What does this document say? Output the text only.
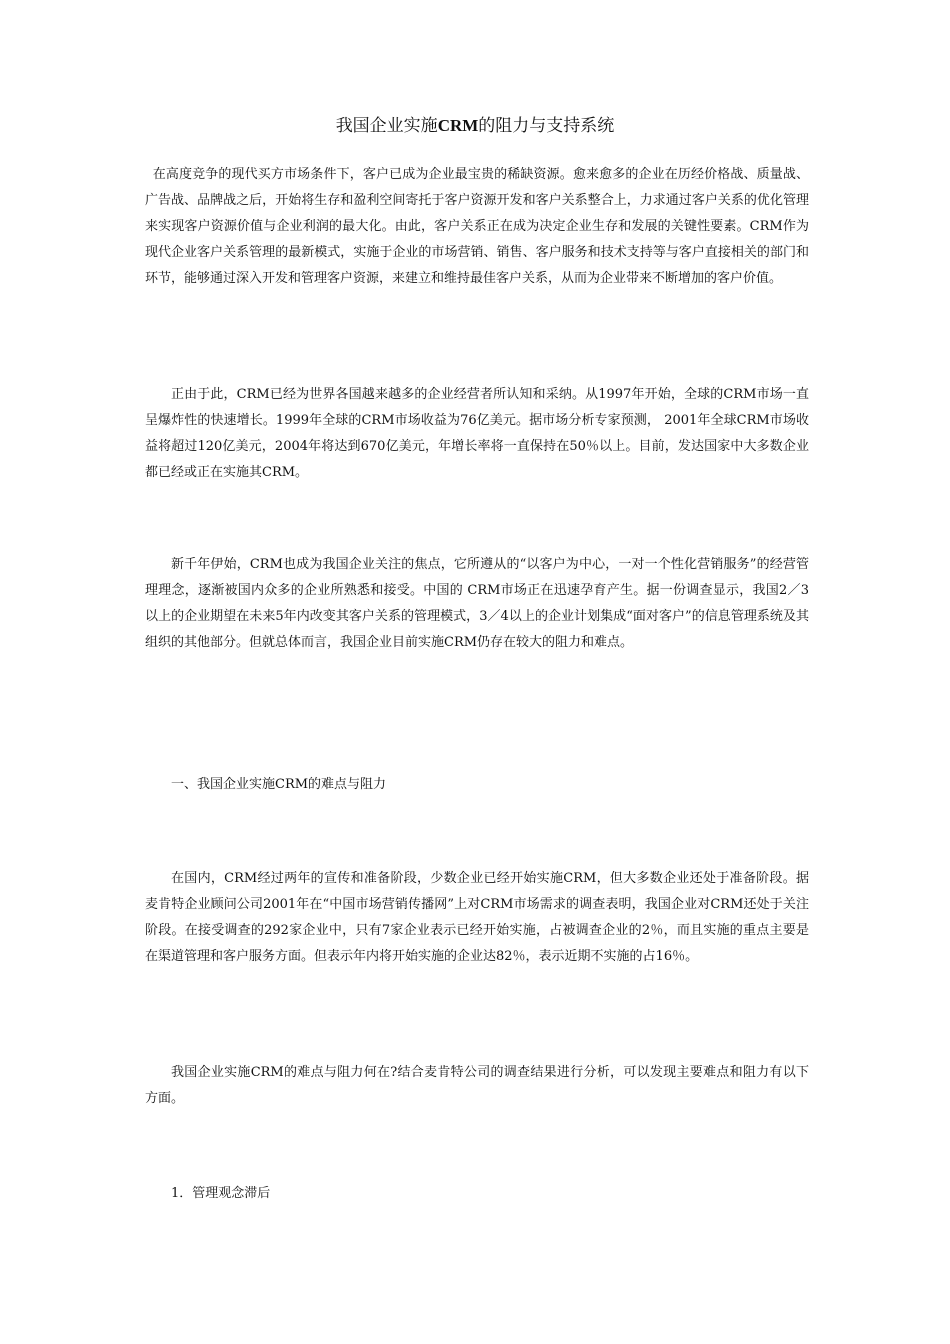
我国企业实施CRM的阻力与支持系统

在高度竞争的现代买方市场条件下，客户已成为企业最宝贵的稀缺资源。愈来愈多的企业在历经价格战、质量战、广告战、品牌战之后，开始将生存和盈利空间寄托于客户资源开发和客户关系整合上，力求通过客户关系的优化管理来实现客户资源价值与企业利润的最大化。由此，客户关系正在成为决定企业生存和发展的关键性要素。CRM作为现代企业客户关系管理的最新模式，实施于企业的市场营销、销售、客户服务和技术支持等与客户直接相关的部门和环节，能够通过深入开发和管理客户资源，来建立和维持最佳客户关系，从而为企业带来不断增加的客户价值。

正由于此，CRM已经为世界各国越来越多的企业经营者所认知和采纳。从1997年开始，全球的CRM市场一直呈爆炸性的快速增长。1999年全球的CRM市场收益为76亿美元。据市场分析专家预测， 2001年全球CRM市场收益将超过120亿美元，2004年将达到670亿美元，年增长率将一直保持在50％以上。目前，发达国家中大多数企业都已经或正在实施其CRM。

新千年伊始，CRM也成为我国企业关注的焦点，它所遵从的“以客户为中心，一对一个性化营销服务”的经营管理理念，逐渐被国内众多的企业所熟悉和接受。中国的 CRM市场正在迅速孕育产生。据一份调查显示，我国2／3以上的企业期望在未来5年内改变其客户关系的管理模式，3／4以上的企业计划集成“面对客户”的信息管理系统及其组织的其他部分。但就总体而言，我国企业目前实施CRM仍存在较大的阻力和难点。

一、我国企业实施CRM的难点与阻力

在国内，CRM经过两年的宣传和准备阶段，少数企业已经开始实施CRM，但大多数企业还处于准备阶段。据麦肯特企业顾问公司2001年在“中国市场营销传播网”上对CRM市场需求的调查表明，我国企业对CRM还处于关注阶段。在接受调查的292家企业中，只有7家企业表示已经开始实施，占被调查企业的2％，而且实施的重点主要是在渠道管理和客户服务方面。但表示年内将开始实施的企业达82％，表示近期不实施的占16％。

我国企业实施CRM的难点与阻力何在?结合麦肯特公司的调查结果进行分析，可以发现主要难点和阻力有以下方面。

1．管理观念滞后
